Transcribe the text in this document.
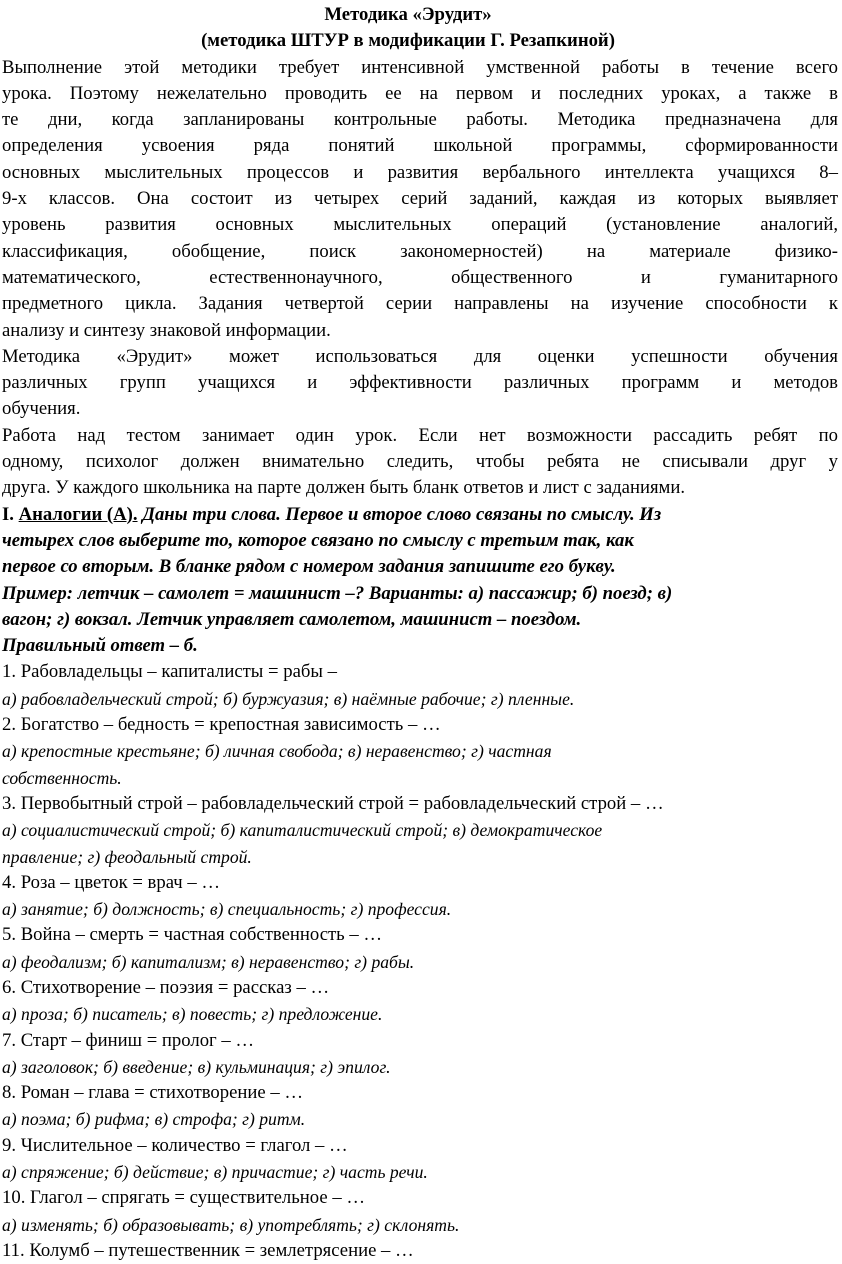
Методика «Эрудит»

(методика ШТУР в модификации Г. Резапкиной)

Выполнение этой методики требует интенсивной умственной работы в течение всего
урока. Поэтому нежелательно проводить ее на первом и последних уроках, а также в
те дни, когда запланированы контрольные работы. Методика предназначена для
определения усвоения ряда понятий школьной программы, сформированности
основных мыслительных процессов и развития вербального интеллекта учащихся 8–
9-х классов. Она состоит из четырех серий заданий, каждая из которых выявляет
уровень развития основных мыслительных операций (установление аналогий,
классификация, обобщение, поиск закономерностей) на материале физико-
математического, естественнонаучного, общественного и гуманитарного
предметного цикла. Задания четвертой серии направлены на изучение способности к
анализу и синтезу знаковой информации.
Методика «Эрудит» может использоваться для оценки успешности обучения
различных групп учащихся и эффективности различных программ и методов
обучения.
Работа над тестом занимает один урок. Если нет возможности рассадить ребят по
одному, психолог должен внимательно следить, чтобы ребята не списывали друг у
друга. У каждого школьника на парте должен быть бланк ответов и лист с заданиями.
I. Аналогии (А). Даны три слова. Первое и второе слово связаны по смыслу. Из
четырех слов выберите то, которое связано по смыслу с третьим так, как
первое со вторым. В бланке рядом с номером задания запишите его букву.
Пример: летчик – самолет = машинист –? Варианты: а) пассажир; б) поезд; в)
вагон; г) вокзал. Летчик управляет самолетом, машинист – поездом.
Правильный ответ – б.

1. Рабовладельцы – капиталисты = рабы –

а) рабовладельческий строй; б) буржуазия; в) наёмные рабочие; г) пленные.

2. Богатство – бедность = крепостная зависимость – …

а) крепостные крестьяне; б) личная свобода; в) неравенство; г) частная

собственность.

3. Первобытный строй – рабовладельческий строй = рабовладельческий строй – …

а) социалистический строй; б) капиталистический строй; в) демократическое

правление; г) феодальный строй.

4. Роза – цветок = врач – …

а) занятие; б) должность; в) специальность; г) профессия.

5. Война – смерть = частная собственность – …

а) феодализм; б) капитализм; в) неравенство; г) рабы.

6. Стихотворение – поэзия = рассказ – …

а) проза; б) писатель; в) повесть; г) предложение.

7. Старт – финиш = пролог – …

а) заголовок; б) введение; в) кульминация; г) эпилог.

8. Роман – глава = стихотворение – …

а) поэма; б) рифма; в) строфа; г) ритм.

9. Числительное – количество = глагол – …

а) спряжение; б) действие; в) причастие; г) часть речи.

10. Глагол – спрягать = существительное – …

а) изменять; б) образовывать; в) употреблять; г) склонять.

11. Колумб – путешественник = землетрясение – …
